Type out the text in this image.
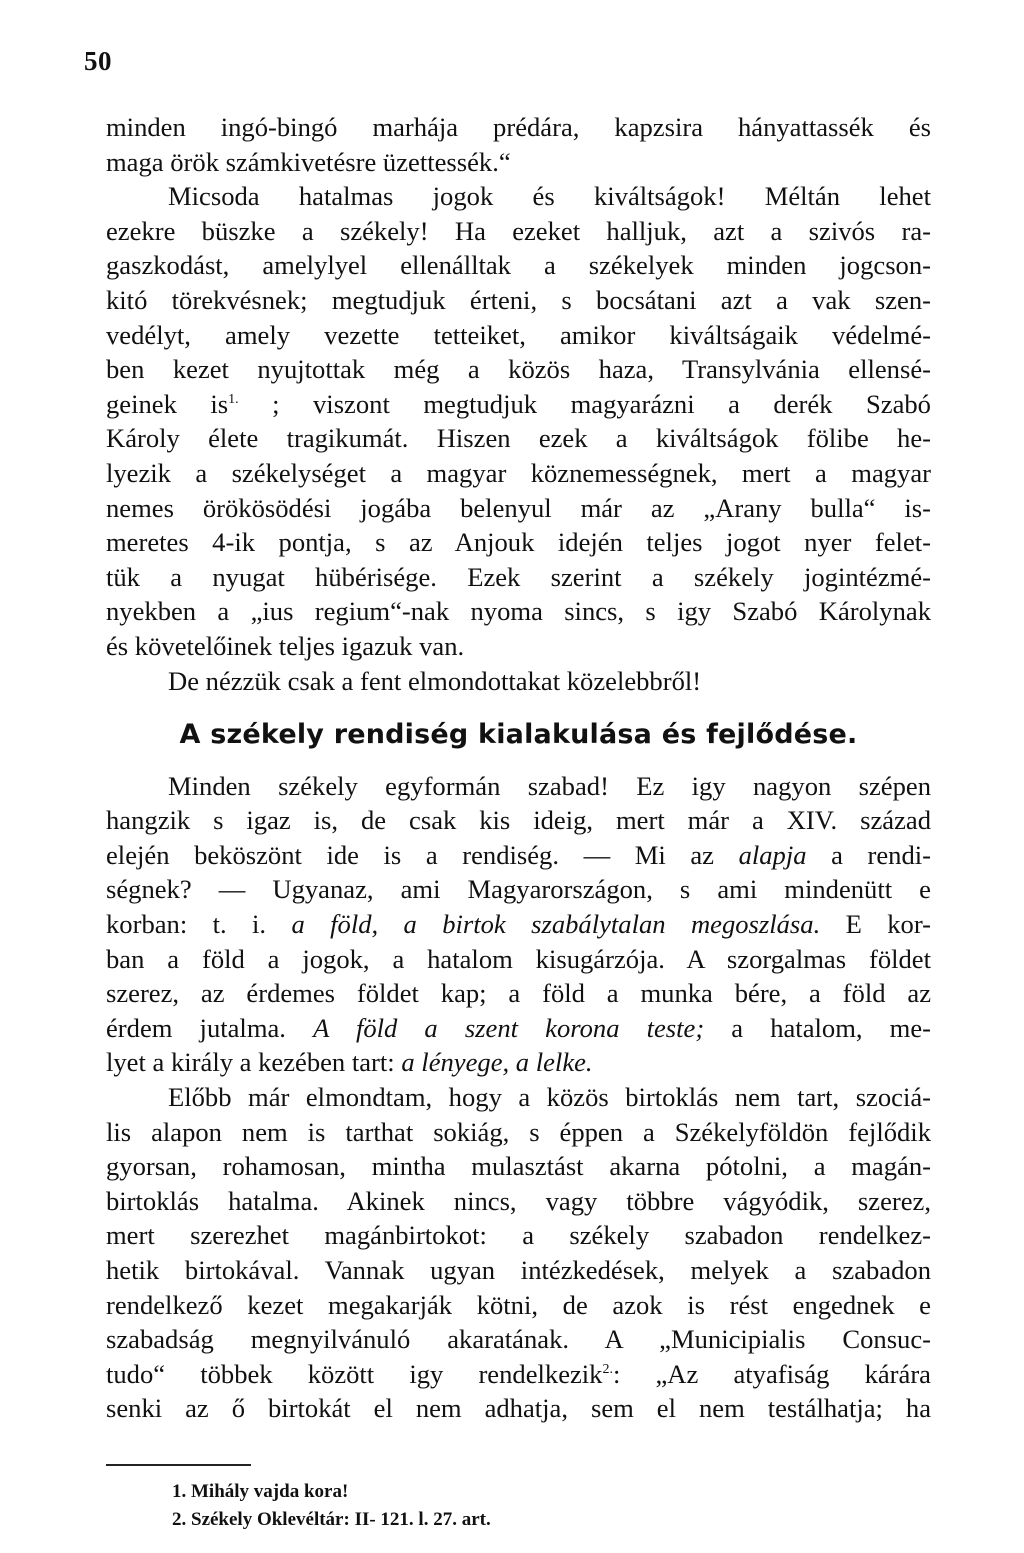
50

minden ingó-bingó marhája prédára, kapzsira hányattassék és

maga örök számkivetésre üzettessék.“

Micsoda hatalmas jogok és kiváltságok! Méltán lehet

ezekre büszke a székely! Ha ezeket halljuk, azt a szivós ra-

gaszkodást, amelylyel ellenálltak a székelyek minden jogcson-

kitó törekvésnek; megtudjuk érteni, s bocsátani azt a vak szen-

vedélyt, amely vezette tetteiket, amikor kiváltságaik védelmé-

ben kezet nyujtottak még a közös haza, Transylvánia ellensé-

geinek $is^{1.}$ ; viszont megtudjuk magyarázni a derék Szabó

Károly élete tragikumát. Hiszen ezek a kiváltságok fölibe he-

lyezik a székelységet a magyar köznemességnek, mert a magyar

nemes örökösödési jogába belenyul már az „Arany bulla“ is-

meretes 4-ik pontja, s az Anjouk idején teljes jogot nyer felet-

tük a nyugat hübérisége. Ezek szerint a székely jogintézmé-

nyekben a „ius regium“-nak nyoma sincs, s igy Szabó Károlynak

és követelőinek teljes igazuk van.

De nézzük csak a fent elmondottakat közelebbről!

A székely rendiség kialakulása és fejlődése.

Minden székely egyformán szabad! Ez igy nagyon szépen

hangzik s igaz is, de csak kis ideig, mert már a XIV. század

elején beköszönt ide is a rendiség. — Mi az alapja a rendi-

ségnek? — Ugyanaz, ami Magyarországon, s ami mindenütt e

korban: t. i. a föld, a birtok szabálytalan megoszlása. E kor-

ban a föld a jogok, a hatalom kisugárzója. A szorgalmas földet

szerez, az érdemes földet kap; a föld a munka bére, a föld az

érdem jutalma. A föld a szent korona teste; a hatalom, me-

lyet a király a kezében tart: a lényege, a lelke.

Előbb már elmondtam, hogy a közös birtoklás nem tart, szociá-

lis alapon nem is tarthat sokiág, s éppen a Székelyföldön fejlődik

gyorsan, rohamosan, mintha mulasztást akarna pótolni, a magán-

birtoklás hatalma. Akinek nincs, vagy többre vágyódik, szerez,

mert szerezhet magánbirtokot: a székely szabadon rendelkez-

hetik birtokával. Vannak ugyan intézkedések, melyek a szabadon

rendelkező kezet megakarják kötni, de azok is rést engednek e

szabadság megnyilvánuló akaratának. A „Municipialis Consuc-

tudo“ többek között igy rendelkezik$^{2.}$: „Az atyafiság kárára

senki az ő birtokát el nem adhatja, sem el nem testálhatja; ha

1. Mihály vajda kora!
2. Székely Oklevéltár: II- 121. l. 27. art.
